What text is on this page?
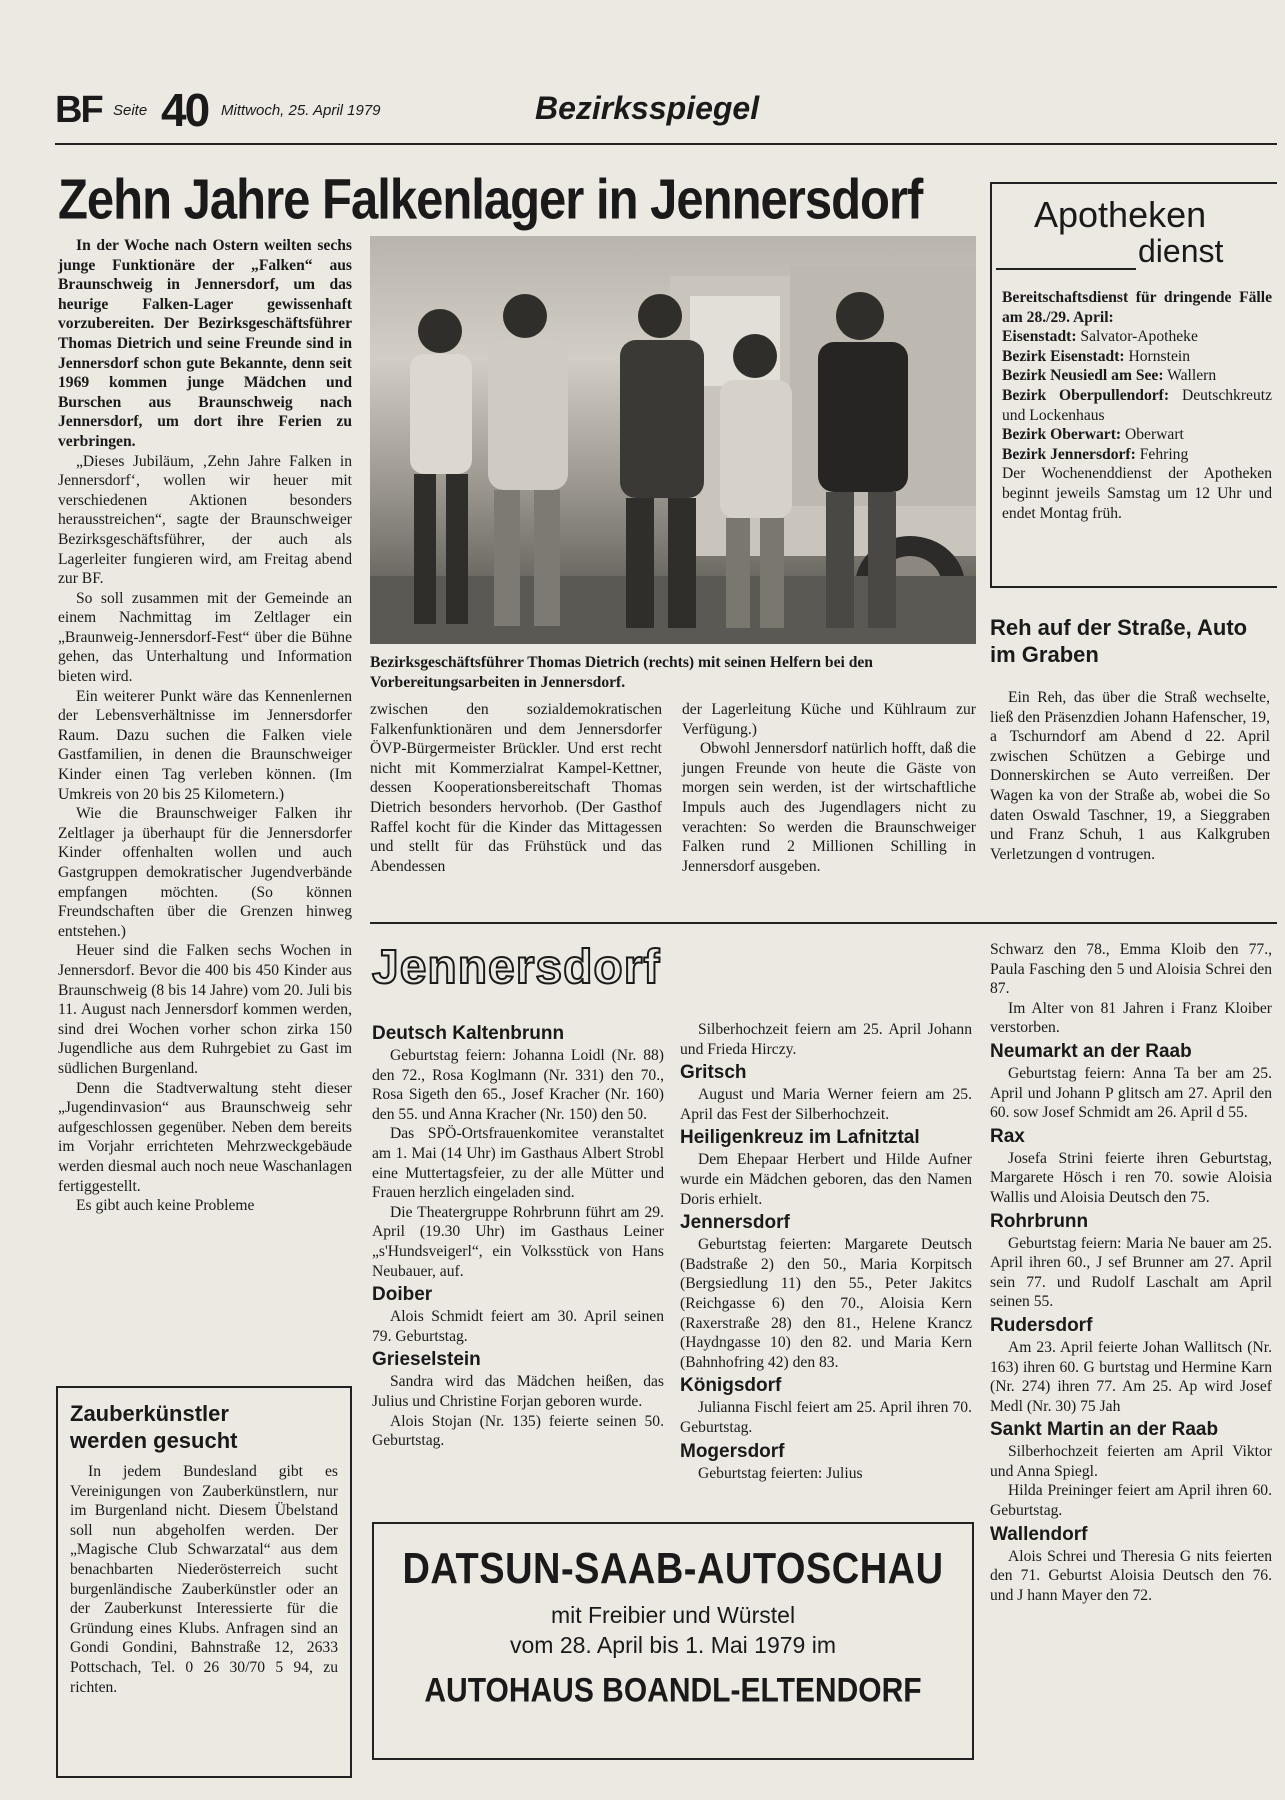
BF Seite 40 Mittwoch, 25. April 1979	Bezirksspiegel
Zehn Jahre Falkenlager in Jennersdorf

In der Woche nach Ostern weilten sechs junge Funktionäre der „Falken“ aus Braunschweig in Jennersdorf, um das heurige Falken-Lager gewissenhaft vorzubereiten. Der Bezirksgeschäftsführer Thomas Dietrich und seine Freunde sind in Jennersdorf schon gute Bekannte, denn seit 1969 kommen junge Mädchen und Burschen aus Braunschweig nach Jennersdorf, um dort ihre Ferien zu verbringen.

„Dieses Jubiläum, ‚Zehn Jahre Falken in Jennersdorf‘, wollen wir heuer mit verschiedenen Aktionen besonders herausstreichen“, sagte der Braunschweiger Bezirksgeschäftsführer, der auch als Lagerleiter fungieren wird, am Freitag abend zur BF.

So soll zusammen mit der Gemeinde an einem Nachmittag im Zeltlager ein „Braunweig-Jennersdorf-Fest“ über die Bühne gehen, das Unterhaltung und Information bieten wird.

Ein weiterer Punkt wäre das Kennenlernen der Lebensverhältnisse im Jennersdorfer Raum. Dazu suchen die Falken viele Gastfamilien, in denen die Braunschweiger Kinder einen Tag verleben können. (Im Umkreis von 20 bis 25 Kilometern.)

Wie die Braunschweiger Falken ihr Zeltlager ja überhaupt für die Jennersdorfer Kinder offenhalten wollen und auch Gastgruppen demokratischer Jugendverbände empfangen möchten. (So können Freundschaften über die Grenzen hinweg entstehen.)

Heuer sind die Falken sechs Wochen in Jennersdorf. Bevor die 400 bis 450 Kinder aus Braunschweig (8 bis 14 Jahre) vom 20. Juli bis 11. August nach Jennersdorf kommen werden, sind drei Wochen vorher schon zirka 150 Jugendliche aus dem Ruhrgebiet zu Gast im südlichen Burgenland.

Denn die Stadtverwaltung steht dieser „Jugendinvasion“ aus Braunschweig sehr aufgeschlossen gegenüber. Neben dem bereits im Vorjahr errichteten Mehrzweckgebäude werden diesmal auch noch neue Waschanlagen fertiggestellt.

Es gibt auch keine Probleme

Bezirksgeschäftsführer Thomas Dietrich (rechts) mit seinen Helfern bei den Vorbereitungsarbeiten in Jennersdorf.

zwischen den sozialdemokratischen Falkenfunktionären und dem Jennersdorfer ÖVP-Bürgermeister Brückler. Und erst recht nicht mit Kommerzialrat Kampel-Kettner, dessen Kooperationsbereitschaft Thomas Dietrich besonders hervorhob. (Der Gasthof Raffel kocht für die Kinder das Mittagessen und stellt für das Frühstück und das Abendessen

der Lagerleitung Küche und Kühlraum zur Verfügung.)

Obwohl Jennersdorf natürlich hofft, daß die jungen Freunde von heute die Gäste von morgen sein werden, ist der wirtschaftliche Impuls auch des Jugendlagers nicht zu verachten: So werden die Braunschweiger Falken rund 2 Millionen Schilling in Jennersdorf ausgeben.

Apotheken
dienst

Bereitschaftsdienst für dringende Fälle am 28./29. April:

Eisenstadt: Salvator-Apotheke

Bezirk Eisenstadt: Hornstein

Bezirk Neusiedl am See: Wallern

Bezirk Oberpullendorf: Deutschkreutz und Lockenhaus

Bezirk Oberwart: Oberwart

Bezirk Jennersdorf: Fehring

Der Wochenenddienst der Apotheken beginnt jeweils Samstag um 12 Uhr und endet Montag früh.

Reh auf der Straße, Auto im Graben

Ein Reh, das über die Straß wechselte, ließ den Präsenzdien Johann Hafenscher, 19, a Tschurndorf am Abend d 22. April zwischen Schützen a Gebirge und Donnerskirchen se Auto verreißen. Der Wagen ka von der Straße ab, wobei die So daten Oswald Taschner, 19, a Sieggraben und Franz Schuh, 1 aus Kalkgruben Verletzungen d vontrugen.

Zauberkünstler werden gesucht

In jedem Bundesland gibt es Vereinigungen von Zauberkünstlern, nur im Burgenland nicht. Diesem Übelstand soll nun abgeholfen werden. Der „Magische Club Schwarzatal“ aus dem benachbarten Niederösterreich sucht burgenländische Zauberkünstler oder an der Zauberkunst Interessierte für die Gründung eines Klubs. Anfragen sind an Gondi Gondini, Bahnstraße 12, 2633 Pottschach, Tel. 0 26 30/70 5 94, zu richten.

Jennersdorf
Deutsch Kaltenbrunn

Geburtstag feiern: Johanna Loidl (Nr. 88) den 72., Rosa Koglmann (Nr. 331) den 70., Rosa Sigeth den 65., Josef Kracher (Nr. 160) den 55. und Anna Kracher (Nr. 150) den 50.

Das SPÖ-Ortsfrauenkomitee veranstaltet am 1. Mai (14 Uhr) im Gasthaus Albert Strobl eine Muttertagsfeier, zu der alle Mütter und Frauen herzlich eingeladen sind.

Die Theatergruppe Rohrbrunn führt am 29. April (19.30 Uhr) im Gasthaus Leiner „s'Hundsveigerl“, ein Volksstück von Hans Neubauer, auf.

Doiber

Alois Schmidt feiert am 30. April seinen 79. Geburtstag.

Grieselstein

Sandra wird das Mädchen heißen, das Julius und Christine Forjan geboren wurde.

Alois Stojan (Nr. 135) feierte seinen 50. Geburtstag.

Silberhochzeit feiern am 25. April Johann und Frieda Hirczy.

Gritsch

August und Maria Werner feiern am 25. April das Fest der Silberhochzeit.

Heiligenkreuz im Lafnitztal

Dem Ehepaar Herbert und Hilde Aufner wurde ein Mädchen geboren, das den Namen Doris erhielt.

Jennersdorf

Geburtstag feierten: Margarete Deutsch (Badstraße 2) den 50., Maria Korpitsch (Bergsiedlung 11) den 55., Peter Jakitcs (Reichgasse 6) den 70., Aloisia Kern (Raxerstraße 28) den 81., Helene Krancz (Haydngasse 10) den 82. und Maria Kern (Bahnhofring 42) den 83.

Königsdorf

Julianna Fischl feiert am 25. April ihren 70. Geburtstag.

Mogersdorf

Geburtstag feierten: Julius

Schwarz den 78., Emma Kloib den 77., Paula Fasching den 5 und Aloisia Schrei den 87.

Im Alter von 81 Jahren i Franz Kloiber verstorben.

Neumarkt an der Raab

Geburtstag feiern: Anna Ta ber am 25. April und Johann P glitsch am 27. April den 60. sow Josef Schmidt am 26. April d 55.

Rax

Josefa Strini feierte ihren Geburtstag, Margarete Hösch i ren 70. sowie Aloisia Wallis und Aloisia Deutsch den 75.

Rohrbrunn

Geburtstag feiern: Maria Ne bauer am 25. April ihren 60., J sef Brunner am 27. April sein 77. und Rudolf Laschalt am April seinen 55.

Rudersdorf

Am 23. April feierte Johan Wallitsch (Nr. 163) ihren 60. G burtstag und Hermine Karn (Nr. 274) ihren 77. Am 25. Ap wird Josef Medl (Nr. 30) 75 Jah

Sankt Martin an der Raab

Silberhochzeit feierten am April Viktor und Anna Spiegl.

Hilda Preininger feiert am April ihren 60. Geburtstag.

Wallendorf

Alois Schrei und Theresia G nits feierten den 71. Geburtst Aloisia Deutsch den 76. und J hann Mayer den 72.

DATSUN-SAAB-AUTOSCHAU
mit Freibier und Würstel
vom 28. April bis 1. Mai 1979 im
AUTOHAUS BOANDL-ELTENDORF
